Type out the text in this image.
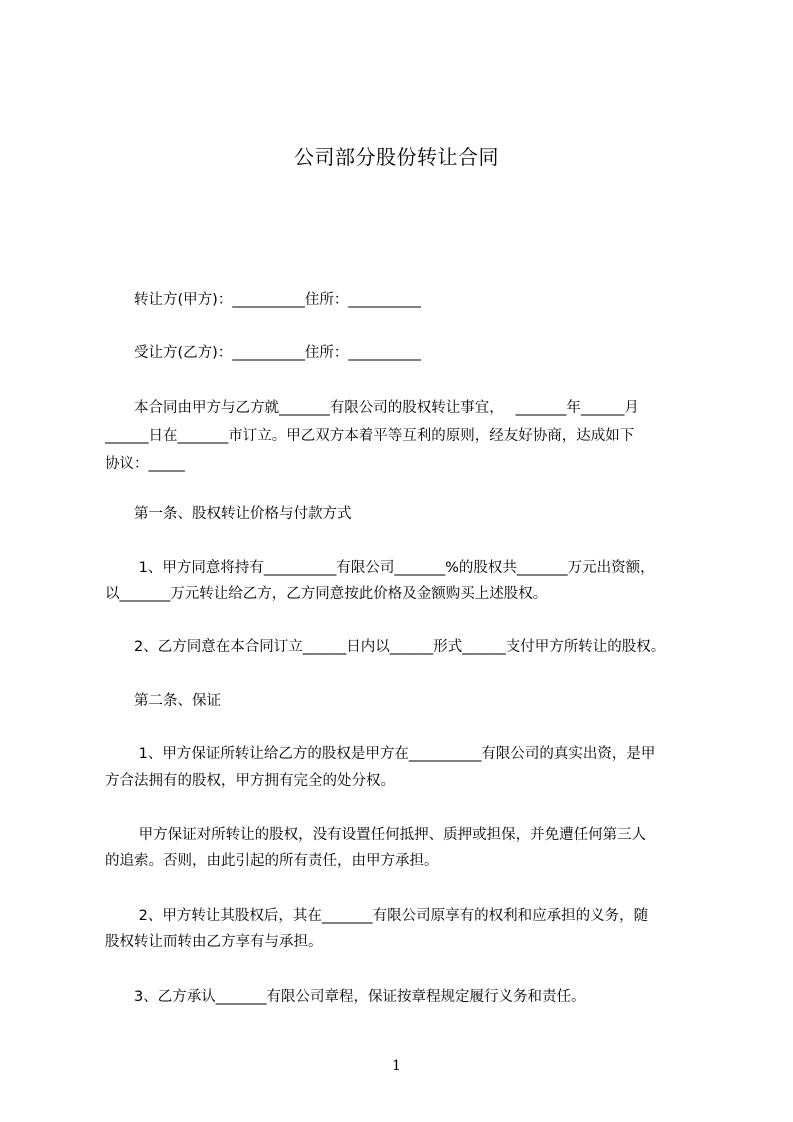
公司部分股份转让合同
　　转让方(甲方)：__________住所：__________
　　受让方(乙方)：__________住所：__________
　　本合同由甲方与乙方就_______有限公司的股权转让事宜，　 _______年______月
______日在_______市订立。甲乙双方本着平等互利的原则，经友好协商，达成如下
协议：_____
　　第一条、股权转让价格与付款方式
　　 1、甲方同意将持有__________有限公司_______%的股权共_______万元出资额，
以_______万元转让给乙方，乙方同意按此价格及金额购买上述股权。
　　2、乙方同意在本合同订立______日内以______形式______支付甲方所转让的股权。
　　第二条、保证
　　 1、甲方保证所转让给乙方的股权是甲方在__________有限公司的真实出资，是甲
方合法拥有的股权，甲方拥有完全的处分权。
　　 甲方保证对所转让的股权，没有设置任何抵押、质押或担保，并免遭任何第三人
的追索。否则，由此引起的所有责任，由甲方承担。
　　 2、甲方转让其股权后，其在_______有限公司原享有的权利和应承担的义务，随
股权转让而转由乙方享有与承担。
　　3、乙方承认_______有限公司章程，保证按章程规定履行义务和责任。
1
